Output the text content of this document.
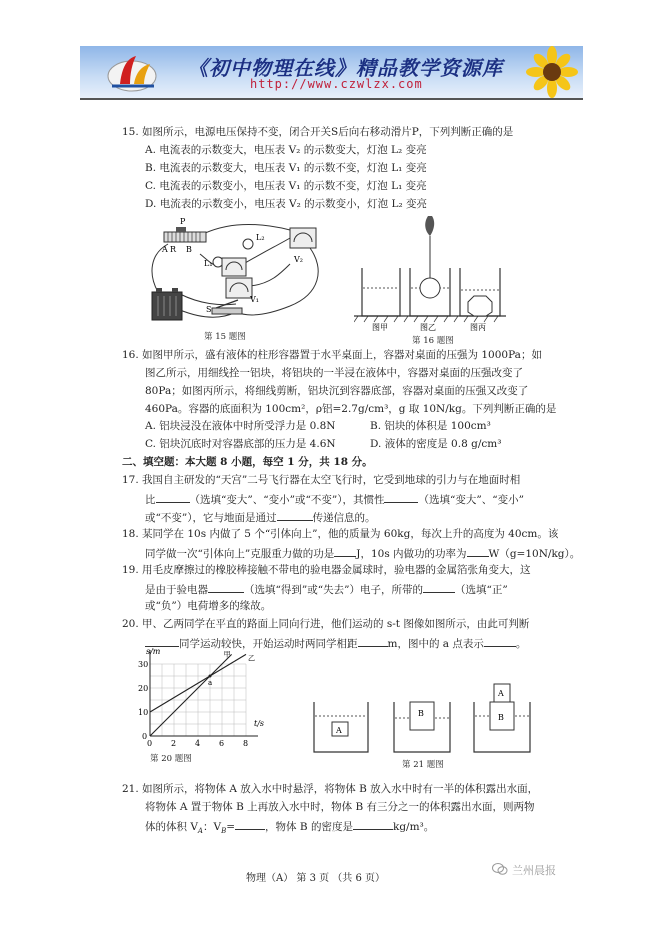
《初中物理在线》精品教学资源库
http://www.czwlzx.com
15. 如图所示，电源电压保持不变，闭合开关S后向右移动滑片P，下列判断正确的是
A. 电流表的示数变大，电压表 V₂ 的示数变大，灯泡 L₂ 变亮
B. 电流表的示数变大，电压表 V₁ 的示数不变，灯泡 L₁ 变亮
C. 电流表的示数变小，电压表 V₁ 的示数不变，灯泡 L₁ 变亮
D. 电流表的示数变小，电压表 V₂ 的示数变小，灯泡 L₂ 变亮
P
A R B
L₂
L₁	V₂
V₁
S
第 15 题图
图甲	图乙	图丙
第 16 题图
16. 如图甲所示，盛有液体的柱形容器置于水平桌面上，容器对桌面的压强为 1000Pa；如
图乙所示，用细线拴一铝块，将铝块的一半浸在液体中，容器对桌面的压强改变了
80Pa；如图丙所示，将细线剪断，铝块沉到容器底部，容器对桌面的压强又改变了
460Pa。容器的底面积为 100cm²，ρ铝=2.7g/cm³，g 取 10N/kg。下列判断正确的是
A. 铝块浸没在液体中时所受浮力是 0.8N	B. 铝块的体积是 100cm³
C. 铝块沉底时对容器底部的压力是 4.6N	D. 液体的密度是 0.8 g/cm³
二、填空题：本大题 8 小题，每空 1 分，共 18 分。
17. 我国自主研发的“天宫”二号飞行器在太空飞行时，它受到地球的引力与在地面时相
比	（选填“变大”、“变小”或“不变”），其惯性	（选填“变大”、“变小”
或“不变”），它与地面是通过	传递信息的。
18. 某同学在 10s 内做了 5 个“引体向上”，他的质量为 60kg，每次上升的高度为 40cm。该
同学做一次“引体向上”克服重力做的功是 J，10s 内做功的功率为 W（g=10N/kg）。
19. 用毛皮摩擦过的橡胶棒接触不带电的验电器金属球时，验电器的金属箔张角变大，这
是由于验电器	（选填“得到”或“失去”）电子，所带的	（选填“正”
或“负”）电荷增多的缘故。
20. 甲、乙两同学在平直的路面上同向行进，他们运动的 s-t 图像如图所示，由此可判断
同学运动较快，开始运动时两同学相距	m，图中的 a 点表示	。
0 2 4 6 8
10
20
30
0
甲 乙
a
s/m
t/s
第 20 题图
A
B	B
A
第 21 题图
21. 如图所示，将物体 A 放入水中时悬浮，将物体 B 放入水中时有一半的体积露出水面，
将物体 A 置于物体 B 上再放入水中时，物体 B 有三分之一的体积露出水面，则两物
体的体积 $V_A$：$V_B=$	，物体 B 的密度是	kg/m³。
物理（A） 第 3 页 （共 6 页）
兰州晨报
